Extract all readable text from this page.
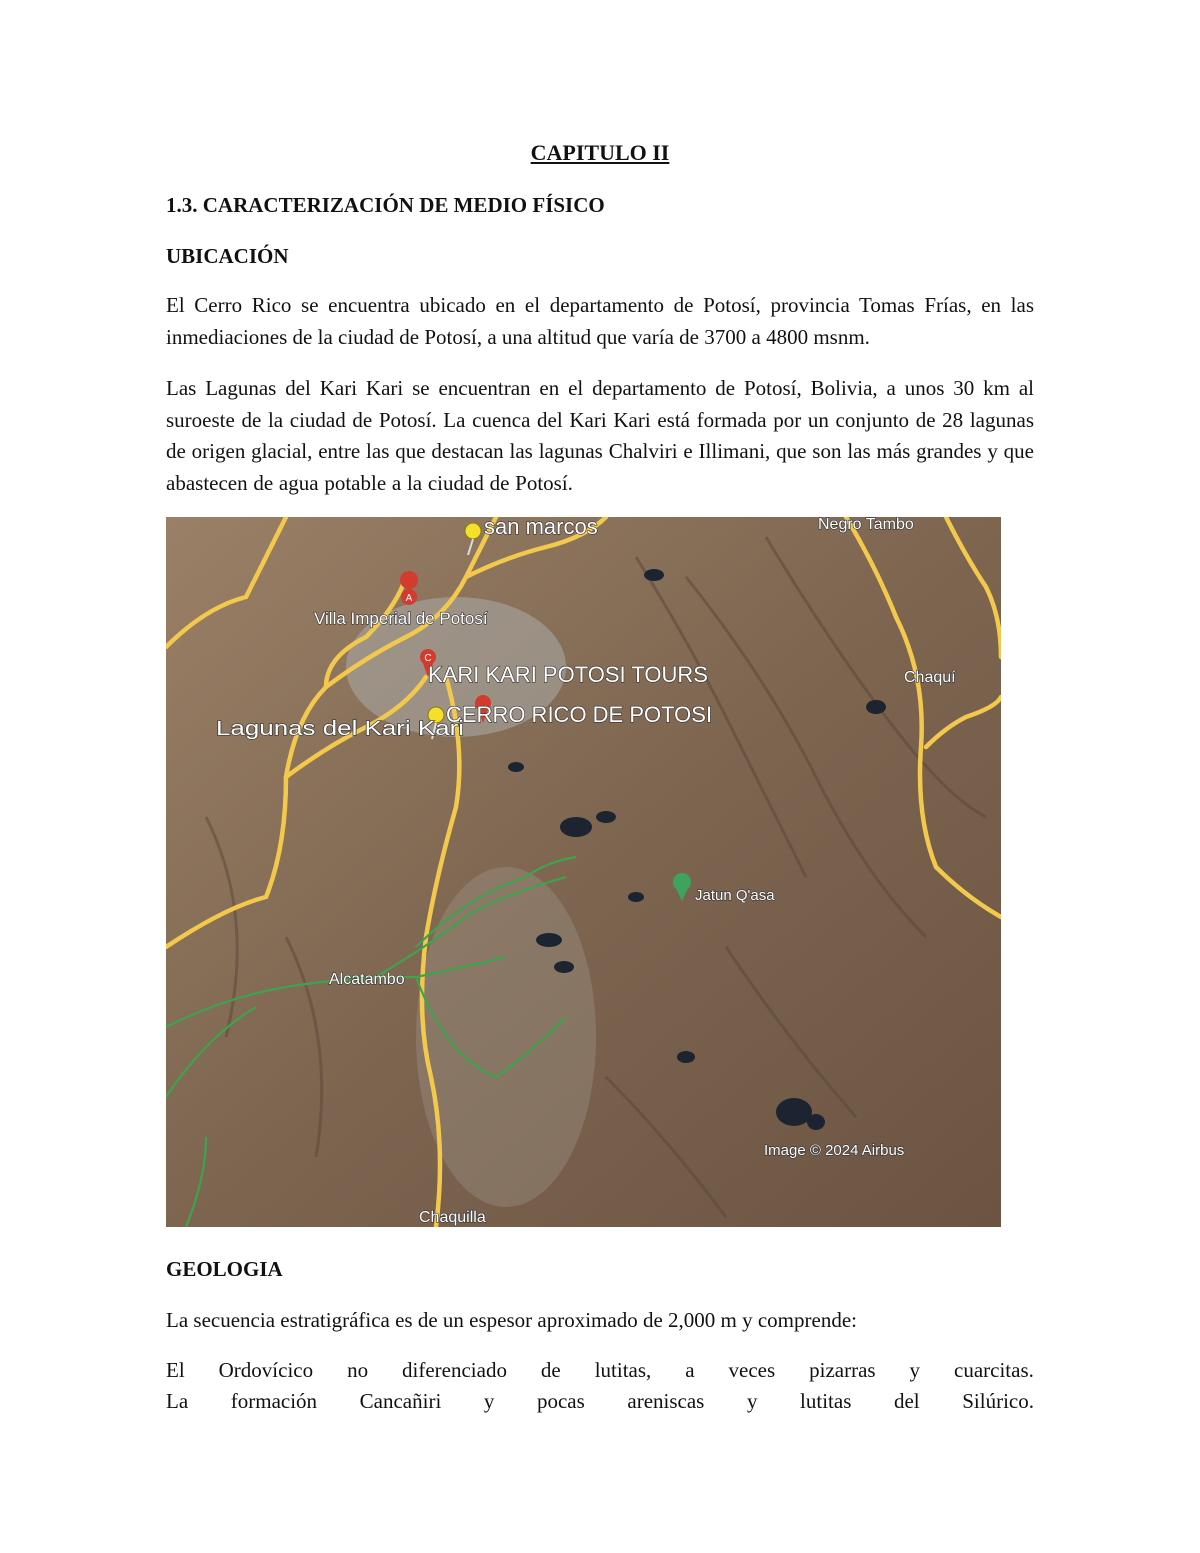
CAPITULO II
1.3. CARACTERIZACIÓN DE MEDIO FÍSICO
UBICACIÓN

El Cerro Rico se encuentra ubicado en el departamento de Potosí, provincia Tomas Frías, en las inmediaciones de la ciudad de Potosí, a una altitud que varía de 3700 a 4800 msnm.

Las Lagunas del Kari Kari se encuentran en el departamento de Potosí, Bolivia, a unos 30 km al suroeste de la ciudad de Potosí. La cuenca del Kari Kari está formada por un conjunto de 28 lagunas de origen glacial, entre las que destacan las lagunas Chalviri e Illimani, que son las más grandes y que abastecen de agua potable a la ciudad de Potosí.

A
C
san marcos	Negro Tambo
Villa Imperial de Potosí
KARI KARI POTOSI TOURS	Chaquí
CERRO RICO DE POTOSI
Lagunas del Kari Kari
Jatun Q'asa
Alcatambo
Image © 2024 Airbus
Chaquilla
GEOLOGIA

La secuencia estratigráfica es de un espesor aproximado de 2,000 m y comprende:

El Ordovícico no diferenciado de lutitas, a veces pizarras y cuarcitas.
La formación Cancañiri y pocas areniscas y lutitas del Silúrico.
